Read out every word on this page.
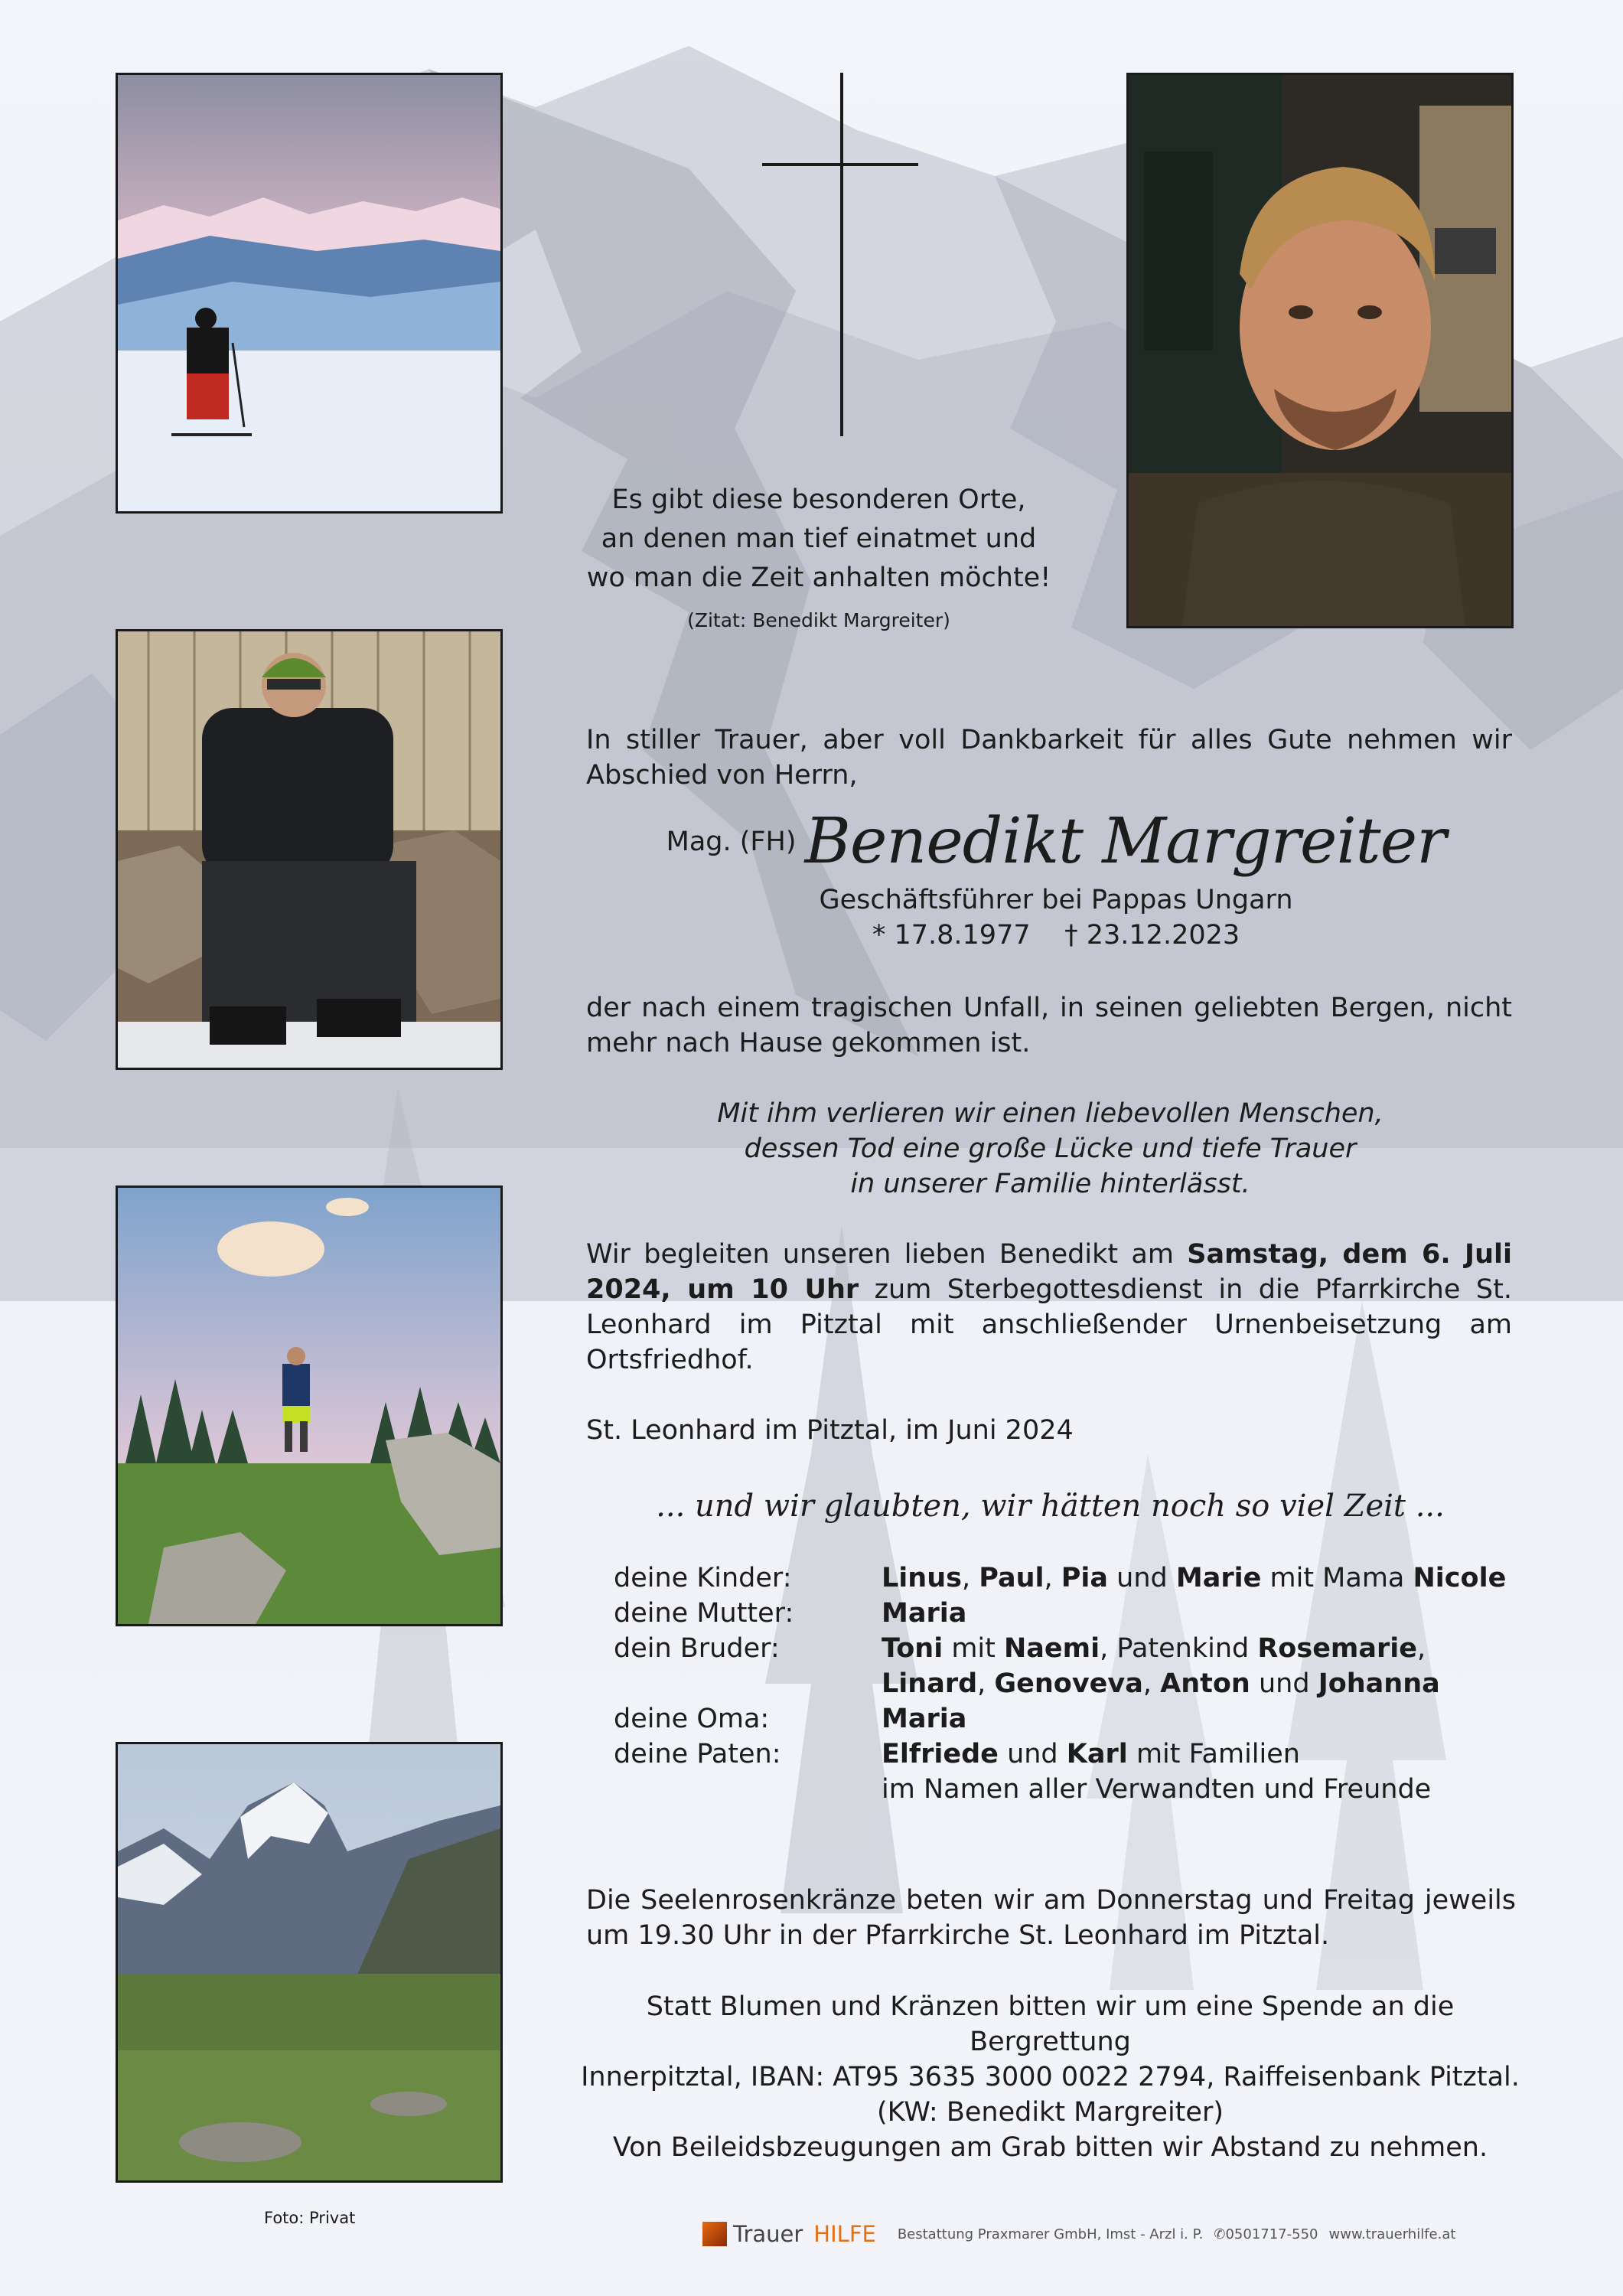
Es gibt diese besonderen Orte,
an denen man tief einatmet und
wo man die Zeit anhalten möchte!
(Zitat: Benedikt Margreiter)
In stiller Trauer, aber voll Dankbarkeit für alles Gute nehmen wir Abschied von Herrn,
Mag. (FH) Benedikt Margreiter
Geschäftsführer bei Pappas Ungarn
* 17.8.1977    † 23.12.2023
der nach einem tragischen Unfall, in seinen geliebten Bergen, nicht mehr nach Hause gekommen ist.
Mit ihm verlieren wir einen liebevollen Menschen,
dessen Tod eine große Lücke und tiefe Trauer
in unserer Familie hinterlässt.
Wir begleiten unseren lieben Benedikt am Samstag, dem 6. Juli 2024, um 10 Uhr zum Sterbegottesdienst in die Pfarrkirche St. Leonhard im Pitztal mit anschließender Urnenbeisetzung am Ortsfriedhof.
St. Leonhard im Pitztal, im Juni 2024
... und wir glaubten, wir hätten noch so viel Zeit ...
deine Kinder:	Linus, Paul, Pia und Marie mit Mama Nicole
deine Mutter:	Maria
dein Bruder:	Toni mit Naemi, Patenkind Rosemarie,
Linard, Genoveva, Anton und Johanna
deine Oma:	Maria
deine Paten:	Elfriede und Karl mit Familien
im Namen aller Verwandten und Freunde
Die Seelenrosenkränze beten wir am Donnerstag und Freitag jeweils um 19.30 Uhr in der Pfarrkirche St. Leonhard im Pitztal.
Statt Blumen und Kränzen bitten wir um eine Spende an die Bergrettung
Innerpitztal, IBAN: AT95 3635 3000 0022 2794, Raiffeisenbank Pitztal.
(KW: Benedikt Margreiter)
Von Beileidsbzeugungen am Grab bitten wir Abstand zu nehmen.
Foto: Privat
Trauer HILFE	Bestattung Praxmarer GmbH, Imst - Arzl i. P. ✆0501717-550 www.trauerhilfe.at
